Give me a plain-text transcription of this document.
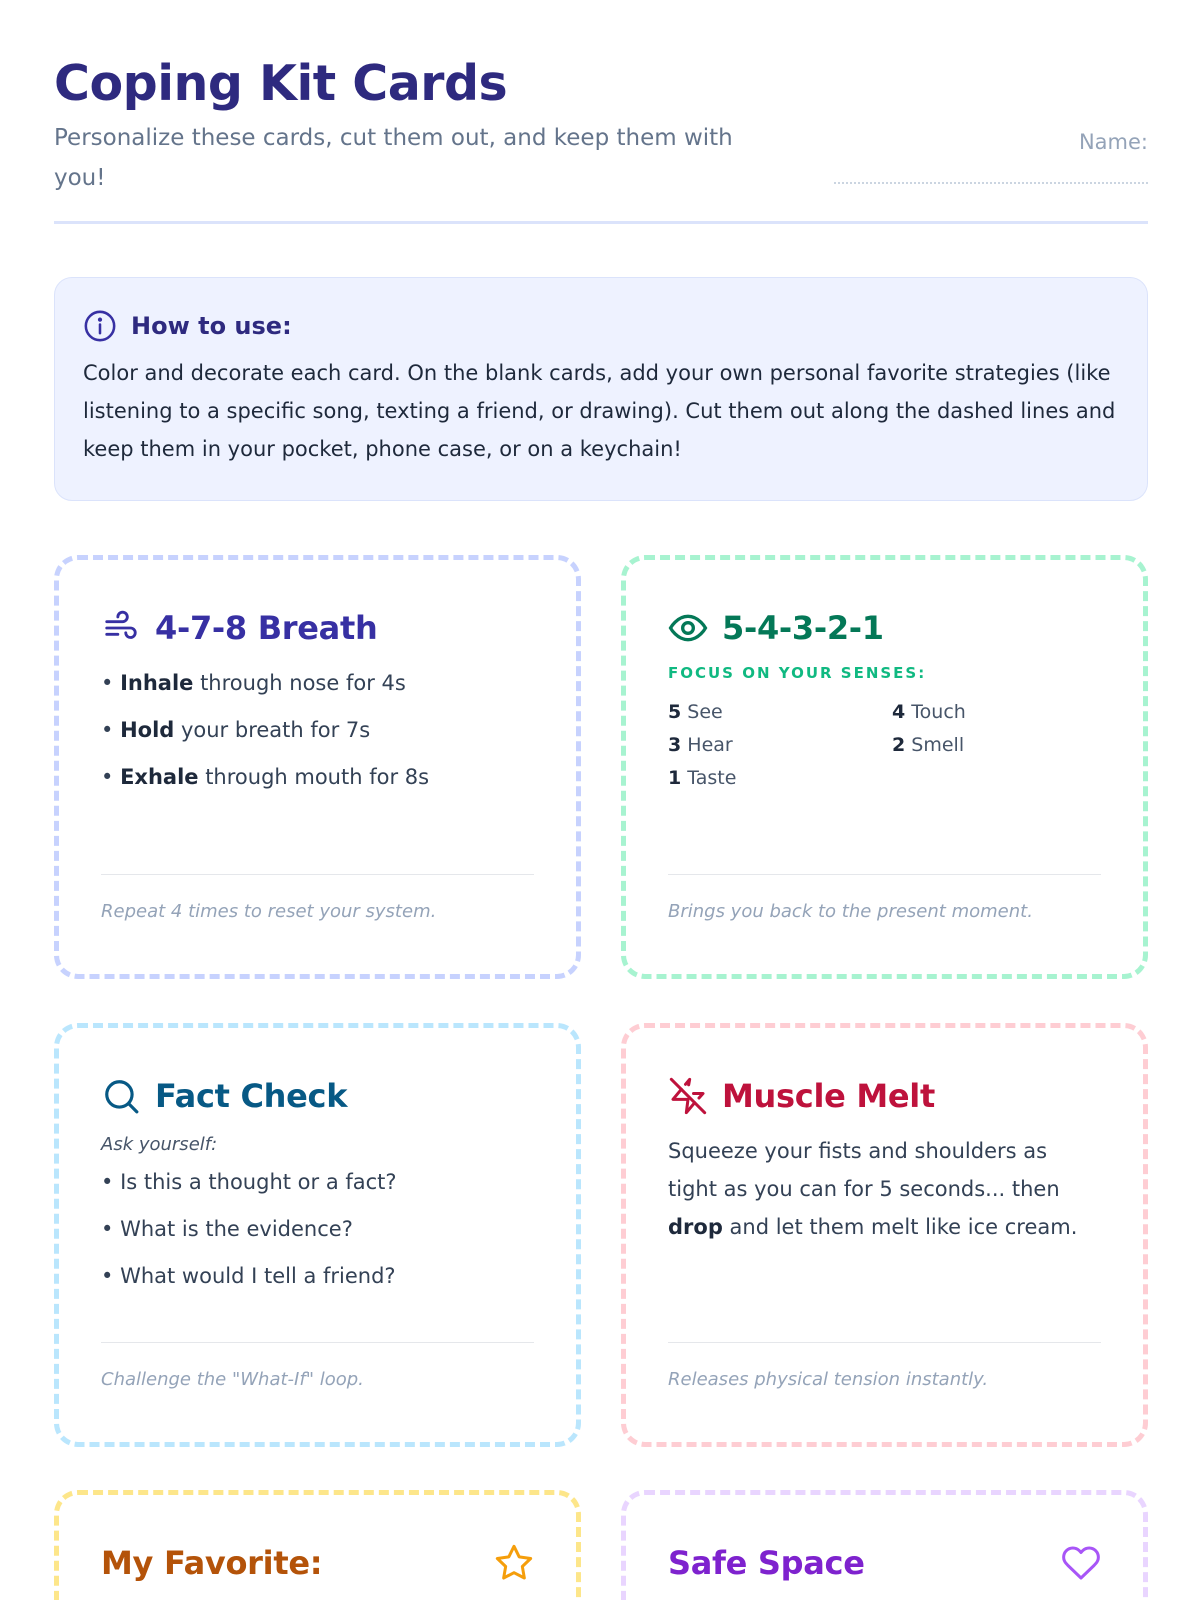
Coping Kit Cards

Personalize these cards, cut them out, and keep them with you!

Name:
How to use:

Color and decorate each card. On the blank cards, add your own personal favorite strategies (like listening to a specific song, texting a friend, or drawing). Cut them out along the dashed lines and keep them in your pocket, phone case, or on a keychain!

4-7-8 Breath
• Inhale through nose for 4s
• Hold your breath for 7s
• Exhale through mouth for 8s
Repeat 4 times to reset your system.
5-4-3-2-1
FOCUS ON YOUR SENSES:
5 See	4 Touch
3 Hear	2 Smell
1 Taste
Brings you back to the present moment.
Fact Check
Ask yourself:
• Is this a thought or a fact?
• What is the evidence?
• What would I tell a friend?
Challenge the "What-If" loop.
Muscle Melt

Squeeze your fists and shoulders as tight as you can for 5 seconds... then drop and let them melt like ice cream.

Releases physical tension instantly.
My Favorite:	Safe Space
